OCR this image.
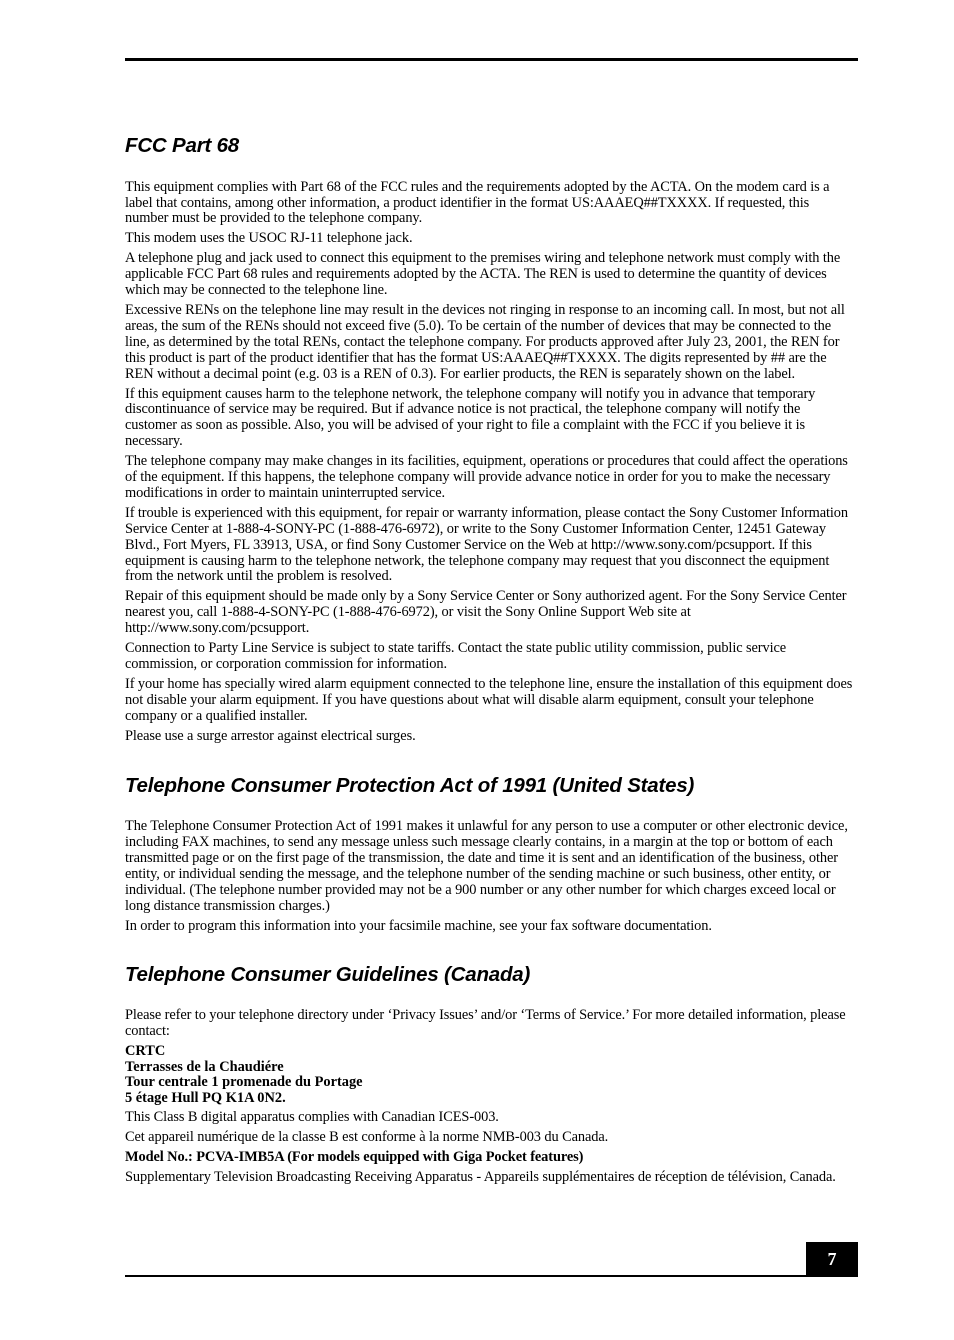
FCC Part 68

This equipment complies with Part 68 of the FCC rules and the requirements adopted by the ACTA. On the modem card is a label that contains, among other information, a product identifier in the format US:AAAEQ##TXXXX. If requested, this number must be provided to the telephone company.

This modem uses the USOC RJ-11 telephone jack.

A telephone plug and jack used to connect this equipment to the premises wiring and telephone network must comply with the applicable FCC Part 68 rules and requirements adopted by the ACTA. The REN is used to determine the quantity of devices which may be connected to the telephone line.

Excessive RENs on the telephone line may result in the devices not ringing in response to an incoming call. In most, but not all areas, the sum of the RENs should not exceed five (5.0). To be certain of the number of devices that may be connected to the line, as determined by the total RENs, contact the telephone company. For products approved after July 23, 2001, the REN for this product is part of the product identifier that has the format US:AAAEQ##TXXXX. The digits represented by ## are the REN without a decimal point (e.g. 03 is a REN of 0.3). For earlier products, the REN is separately shown on the label.

If this equipment causes harm to the telephone network, the telephone company will notify you in advance that temporary discontinuance of service may be required. But if advance notice is not practical, the telephone company will notify the customer as soon as possible. Also, you will be advised of your right to file a complaint with the FCC if you believe it is necessary.

The telephone company may make changes in its facilities, equipment, operations or procedures that could affect the operations of the equipment. If this happens, the telephone company will provide advance notice in order for you to make the necessary modifications in order to maintain uninterrupted service.

If trouble is experienced with this equipment, for repair or warranty information, please contact the Sony Customer Information Service Center at 1-888-4-SONY-PC (1-888-476-6972), or write to the Sony Customer Information Center, 12451 Gateway Blvd., Fort Myers, FL 33913, USA, or find Sony Customer Service on the Web at http://www.sony.com/pcsupport. If this equipment is causing harm to the telephone network, the telephone company may request that you disconnect the equipment from the network until the problem is resolved.

Repair of this equipment should be made only by a Sony Service Center or Sony authorized agent. For the Sony Service Center nearest you, call 1-888-4-SONY-PC (1-888-476-6972), or visit the Sony Online Support Web site at http://www.sony.com/pcsupport.

Connection to Party Line Service is subject to state tariffs. Contact the state public utility commission, public service commission, or corporation commission for information.

If your home has specially wired alarm equipment connected to the telephone line, ensure the installation of this equipment does not disable your alarm equipment. If you have questions about what will disable alarm equipment, consult your telephone company or a qualified installer.

Please use a surge arrestor against electrical surges.

Telephone Consumer Protection Act of 1991 (United States)

The Telephone Consumer Protection Act of 1991 makes it unlawful for any person to use a computer or other electronic device, including FAX machines, to send any message unless such message clearly contains, in a margin at the top or bottom of each transmitted page or on the first page of the transmission, the date and time it is sent and an identification of the business, other entity, or individual sending the message, and the telephone number of the sending machine or such business, other entity, or individual. (The telephone number provided may not be a 900 number or any other number for which charges exceed local or long distance transmission charges.)

In order to program this information into your facsimile machine, see your fax software documentation.

Telephone Consumer Guidelines (Canada)

Please refer to your telephone directory under ‘Privacy Issues’ and/or ‘Terms of Service.’ For more detailed information, please contact:

CRTC
Terrasses de la Chaudiére
Tour centrale 1 promenade du Portage
5 étage Hull PQ K1A 0N2.

This Class B digital apparatus complies with Canadian ICES-003.

Cet appareil numérique de la classe B est conforme à la norme NMB-003 du Canada.

Model No.: PCVA-IMB5A (For models equipped with Giga Pocket features)

Supplementary Television Broadcasting Receiving Apparatus - Appareils supplémentaires de réception de télévision, Canada.

7
